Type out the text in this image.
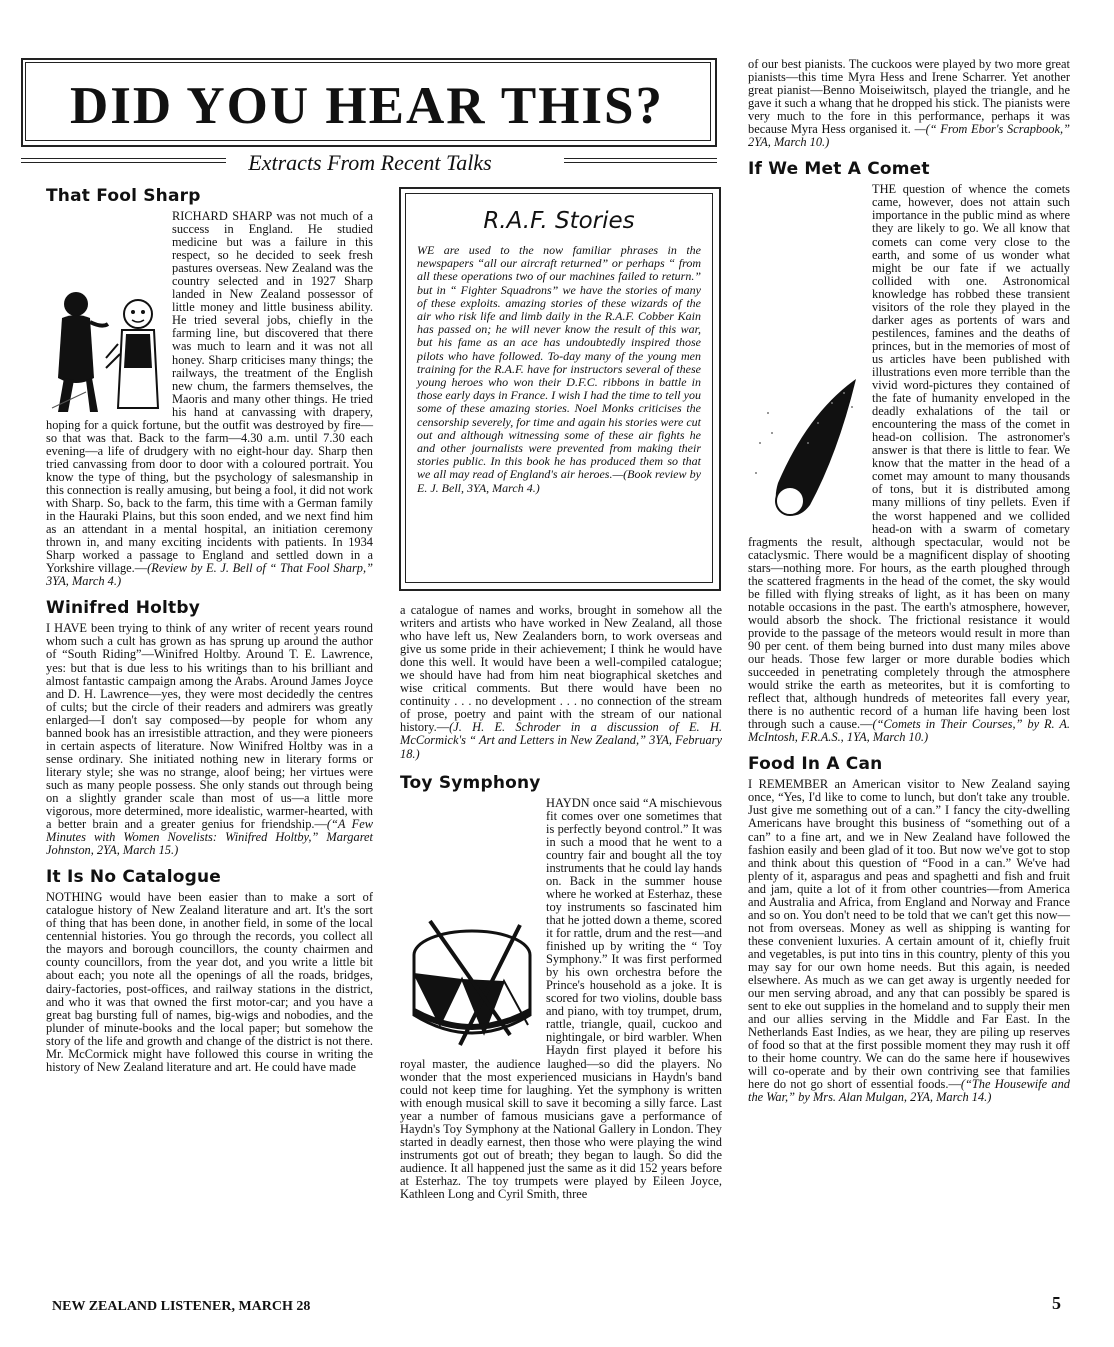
DID YOU HEAR THIS?
Extracts From Recent Talks
That Fool Sharp

RICHARD SHARP was not much of a success in England. He studied medicine but was a failure in this respect, so he decided to seek fresh pastures overseas. New Zealand was the country selected and in 1927 Sharp landed in New Zealand possessor of little money and little business ability. He tried several jobs, chiefly in the farming line, but discovered that there was much to learn and it was not all honey. Sharp criticises many things; the railways, the treatment of the English new chum, the farmers themselves, the Maoris and many other things. He tried his hand at canvassing with drapery, hoping for a quick fortune, but the outfit was destroyed by fire—so that was that. Back to the farm—4.30 a.m. until 7.30 each evening—a life of drudgery with no eight-hour day. Sharp then tried canvassing from door to door with a coloured portrait. You know the type of thing, but the psychology of salesmanship in this connection is really amusing, but being a fool, it did not work with Sharp. So, back to the farm, this time with a German family in the Hauraki Plains, but this soon ended, and we next find him as an attendant in a mental hospital, an initiation ceremony thrown in, and many exciting incidents with patients. In 1934 Sharp worked a passage to England and settled down in a Yorkshire village.—(Review by E. J. Bell of “ That Fool Sharp,” 3YA, March 4.)

Winifred Holtby

I HAVE been trying to think of any writer of recent years round whom such a cult has grown as has sprung up around the author of “South Riding”—Winifred Holtby. Around T. E. Lawrence, yes: but that is due less to his writings than to his brilliant and almost fantastic campaign among the Arabs. Around James Joyce and D. H. Lawrence—yes, they were most decidedly the centres of cults; but the circle of their readers and admirers was greatly enlarged—I don't say composed—by people for whom any banned book has an irresistible attraction, and they were pioneers in certain aspects of literature. Now Winifred Holtby was in a sense ordinary. She initiated nothing new in literary forms or literary style; she was no strange, aloof being; her virtues were such as many people possess. She only stands out through being on a slightly grander scale than most of us—a little more vigorous, more determined, more idealistic, warmer-hearted, with a better brain and a greater genius for friendship.—(“A Few Minutes with Women Novelists: Winifred Holtby,” Margaret Johnston, 2YA, March 15.)

It Is No Catalogue

NOTHING would have been easier than to make a sort of catalogue history of New Zealand literature and art. It's the sort of thing that has been done, in another field, in some of the local centennial histories. You go through the records, you collect all the mayors and borough councillors, the county chairmen and county councillors, from the year dot, and you write a little bit about each; you note all the openings of all the roads, bridges, dairy-factories, post-offices, and railway stations in the district, and who it was that owned the first motor-car; and you have a great bag bursting full of names, big-wigs and nobodies, and the plunder of minute-books and the local paper; but somehow the story of the life and growth and change of the district is not there. Mr. McCormick might have followed this course in writing the history of New Zealand literature and art. He could have made

R.A.F. Stories

WE are used to the now familiar phrases in the newspapers “all our aircraft returned” or perhaps “ from all these operations two of our machines failed to return.” but in “ Fighter Squadrons” we have the stories of many of these exploits. amazing stories of these wizards of the air who risk life and limb daily in the R.A.F. Cobber Kain has passed on; he will never know the result of this war, but his fame as an ace has undoubtedly inspired those pilots who have followed. To-day many of the young men training for the R.A.F. have for instructors several of these young heroes who won their D.F.C. ribbons in battle in those early days in France. I wish I had the time to tell you some of these amazing stories. Noel Monks criticises the censorship severely, for time and again his stories were cut out and although witnessing some of these air fights he and other journalists were prevented from making their stories public. In this book he has produced them so that we all may read of England's air heroes.—(Book review by E. J. Bell, 3YA, March 4.)

a catalogue of names and works, brought in somehow all the writers and artists who have worked in New Zealand, all those who have left us, New Zealanders born, to work overseas and give us some pride in their achievement; I think he would have done this well. It would have been a well-compiled catalogue; we should have had from him neat biographical sketches and wise critical comments. But there would have been no continuity . . . no development . . . no connection of the stream of prose, poetry and paint with the stream of our national history.—(J. H. E. Schroder in a discussion of E. H. McCormick's “ Art and Letters in New Zealand,” 3YA, February 18.)

Toy Symphony

HAYDN once said “A mischievous fit comes over one sometimes that is perfectly beyond control.” It was in such a mood that he went to a country fair and bought all the toy instruments that he could lay hands on. Back in the summer house where he worked at Esterhaz, these toy instruments so fascinated him that he jotted down a theme, scored it for rattle, drum and the rest—and finished up by writing the “ Toy Symphony.” It was first performed by his own orchestra before the Prince's household as a joke. It is scored for two violins, double bass and piano, with toy trumpet, drum, rattle, triangle, quail, cuckoo and nightingale, or bird warbler. When Haydn first played it before his royal master, the audience laughed—so did the players. No wonder that the most experienced musicians in Haydn's band could not keep time for laughing. Yet the symphony is written with enough musical skill to save it becoming a silly farce. Last year a number of famous musicians gave a performance of Haydn's Toy Symphony at the National Gallery in London. They started in deadly earnest, then those who were playing the wind instruments got out of breath; they began to laugh. So did the audience. It all happened just the same as it did 152 years before at Esterhaz. The toy trumpets were played by Eileen Joyce, Kathleen Long and Cyril Smith, three

of our best pianists. The cuckoos were played by two more great pianists—this time Myra Hess and Irene Scharrer. Yet another great pianist—Benno Moiseiwitsch, played the triangle, and he gave it such a whang that he dropped his stick. The pianists were very much to the fore in this performance, perhaps it was because Myra Hess organised it. —(“ From Ebor's Scrapbook,” 2YA, March 10.)

If We Met A Comet

THE question of whence the comets came, however, does not attain such importance in the public mind as where they are likely to go. We all know that comets can come very close to the earth, and some of us wonder what might be our fate if we actually collided with one. Astronomical knowledge has robbed these transient visitors of the role they played in the darker ages as portents of wars and pestilences, famines and the deaths of princes, but in the memories of most of us articles have been published with illustrations even more terrible than the vivid word-pictures they contained of the fate of humanity enveloped in the deadly exhalations of the tail or encountering the mass of the comet in head-on collision. The astronomer's answer is that there is little to fear. We know that the matter in the head of a comet may amount to many thousands of tons, but it is distributed among many millions of tiny pellets. Even if the worst happened and we collided head-on with a swarm of cometary fragments the result, although spectacular, would not be cataclysmic. There would be a magnificent display of shooting stars—nothing more. For hours, as the earth ploughed through the scattered fragments in the head of the comet, the sky would be filled with flying streaks of light, as it has been on many notable occasions in the past. The earth's atmosphere, however, would absorb the shock. The frictional resistance it would provide to the passage of the meteors would result in more than 90 per cent. of them being burned into dust many miles above our heads. Those few larger or more durable bodies which succeeded in penetrating completely through the atmosphere would strike the earth as meteorites, but it is comforting to reflect that, although hundreds of meteorites fall every year, there is no authentic record of a human life having been lost through such a cause.—(“Comets in Their Courses,” by R. A. McIntosh, F.R.A.S., 1YA, March 10.)

Food In A Can

I REMEMBER an American visitor to New Zealand saying once, “Yes, I'd like to come to lunch, but don't take any trouble. Just give me something out of a can.” I fancy the city-dwelling Americans have brought this business of “something out of a can” to a fine art, and we in New Zealand have followed the fashion easily and been glad of it too. But now we've got to stop and think about this question of “Food in a can.” We've had plenty of it, asparagus and peas and spaghetti and fish and fruit and jam, quite a lot of it from other countries—from America and Australia and Africa, from England and Norway and France and so on. You don't need to be told that we can't get this now—not from overseas. Money as well as shipping is wanting for these convenient luxuries. A certain amount of it, chiefly fruit and vegetables, is put into tins in this country, plenty of this you may say for our own home needs. But this again, is needed elsewhere. As much as we can get away is urgently needed for our men serving abroad, and any that can possibly be spared is sent to eke out supplies in the homeland and to supply their men and our allies serving in the Middle and Far East. In the Netherlands East Indies, as we hear, they are piling up reserves of food so that at the first possible moment they may rush it off to their home country. We can do the same here if housewives will co-operate and by their own contriving see that families here do not go short of essential foods.—(“The Housewife and the War,” by Mrs. Alan Mulgan, 2YA, March 14.)

NEW ZEALAND LISTENER, MARCH 28	5
